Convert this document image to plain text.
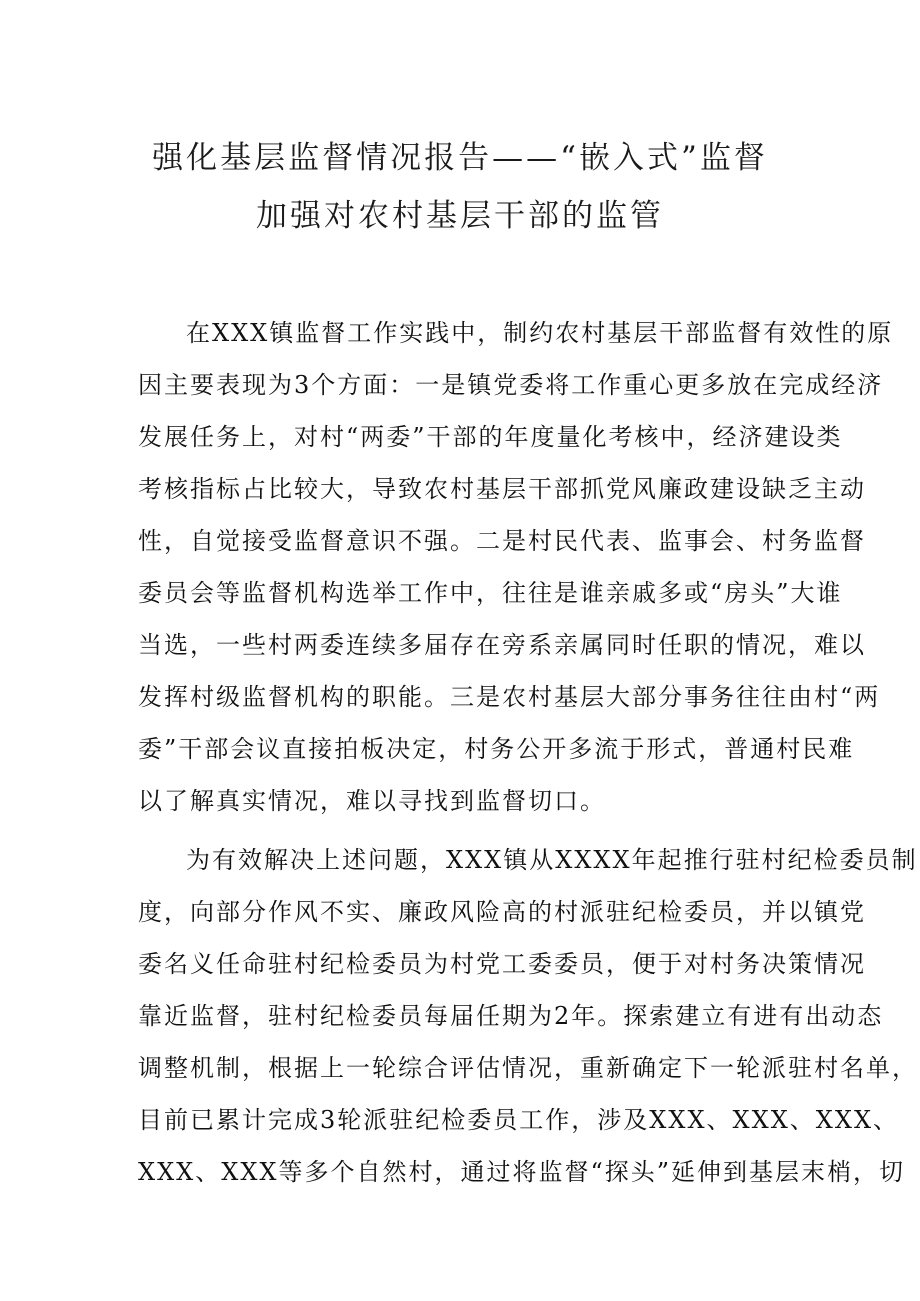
强化基层监督情况报告——“嵌入式”监督
加强对农村基层干部的监管
在XXX镇监督工作实践中，制约农村基层干部监督有效性的原
因主要表现为3个方面：一是镇党委将工作重心更多放在完成经济
发展任务上，对村“两委”干部的年度量化考核中，经济建设类
考核指标占比较大，导致农村基层干部抓党风廉政建设缺乏主动
性，自觉接受监督意识不强。二是村民代表、监事会、村务监督
委员会等监督机构选举工作中，往往是谁亲戚多或“房头”大谁
当选，一些村两委连续多届存在旁系亲属同时任职的情况，难以
发挥村级监督机构的职能。三是农村基层大部分事务往往由村“两
委”干部会议直接拍板决定，村务公开多流于形式，普通村民难
以了解真实情况，难以寻找到监督切口。
为有效解决上述问题，XXX镇从XXXX年起推行驻村纪检委员制
度，向部分作风不实、廉政风险高的村派驻纪检委员，并以镇党
委名义任命驻村纪检委员为村党工委委员，便于对村务决策情况
靠近监督，驻村纪检委员每届任期为2年。探索建立有进有出动态
调整机制，根据上一轮综合评估情况，重新确定下一轮派驻村名单，
目前已累计完成3轮派驻纪检委员工作，涉及XXX、XXX、XXX、
XXX、XXX等多个自然村，通过将监督“探头”延伸到基层末梢，切
